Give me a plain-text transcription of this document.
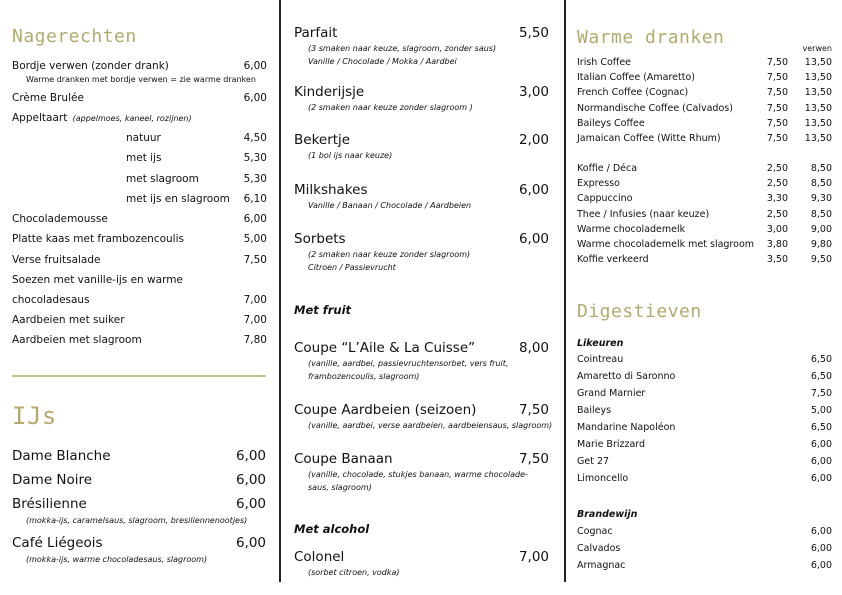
Nagerechten
Bordje verwen (zonder drank)	6,00
Warme dranken met bordje verwen = zie warme dranken
Crème Brulée	6,00
Appeltaart (appelmoes, kaneel, rozijnen)
natuur	4,50
met ijs	5,30
met slagroom	5,30
met ijs en slagroom 6,10
Chocolademousse	6,00
Platte kaas met frambozencoulis	5,00
Verse fruitsalade	7,50
Soezen met vanille-ijs en warme
chocoladesaus	7,00
Aardbeien met suiker	7,00
Aardbeien met slagroom	7,80
IJs
Dame Blanche	6,00
Dame Noire	6,00
Brésilienne	6,00
(mokka-ijs, caramelsaus, slagroom, bresiliennenootjes)
Café Liégeois	6,00
(mokka-ijs, warme chocoladesaus, slagroom)
Parfait	5,50
(3 smaken naar keuze, slagroom, zonder saus)
Vanille / Chocolade / Mokka / Aardbei
Kinderijsje	3,00
(2 smaken naar keuze zonder slagroom )
Bekertje	2,00
(1 bol ijs naar keuze)
Milkshakes	6,00
Vanille / Banaan / Chocolade / Aardbeien
Sorbets	6,00
(2 smaken naar keuze zonder slagroom)
Citroen / Passievrucht
Coupe “L’Aile & La Cuisse”	8,00
(vanille, aardbei, passievruchtensorbet, vers fruit,
frambozencoulis, slagroom)
Coupe Aardbeien (seizoen)	7,50
(vanille, aardbei, verse aardbeien, aardbeiensaus, slagroom)
Coupe Banaan	7,50
(vanille, chocolade, stukjes banaan, warme chocolade-
saus, slagroom)
Colonel	7,00
(sorbet citroen, vodka)
Met fruit
Met alcohol
Warme dranken
verwen
Irish Coffee	7,50 13,50
Italian Coffee (Amaretto)	7,50 13,50
French Coffee (Cognac)	7,50 13,50
Normandische Coffee (Calvados)	7,50 13,50
Baileys Coffee	7,50 13,50
Jamaican Coffee (Witte Rhum)	7,50 13,50
Koffie / Déca	2,50 8,50
Expresso	2,50 8,50
Cappuccino	3,30 9,30
Thee / Infusies (naar keuze)	2,50 8,50
Warme chocolademelk	3,00 9,00
Warme chocolademelk met slagroom 3,80 9,80
Koffie verkeerd	3,50 9,50
Digestieven
Likeuren
Cointreau	6,50
Amaretto di Saronno	6,50
Grand Marnier	7,50
Baileys	5,00
Mandarine Napoléon	6,50
Marie Brizzard	6,00
Get 27	6,00
Limoncello	6,00
Brandewijn
Cognac	6,00
Calvados	6,00
Armagnac	6,00
